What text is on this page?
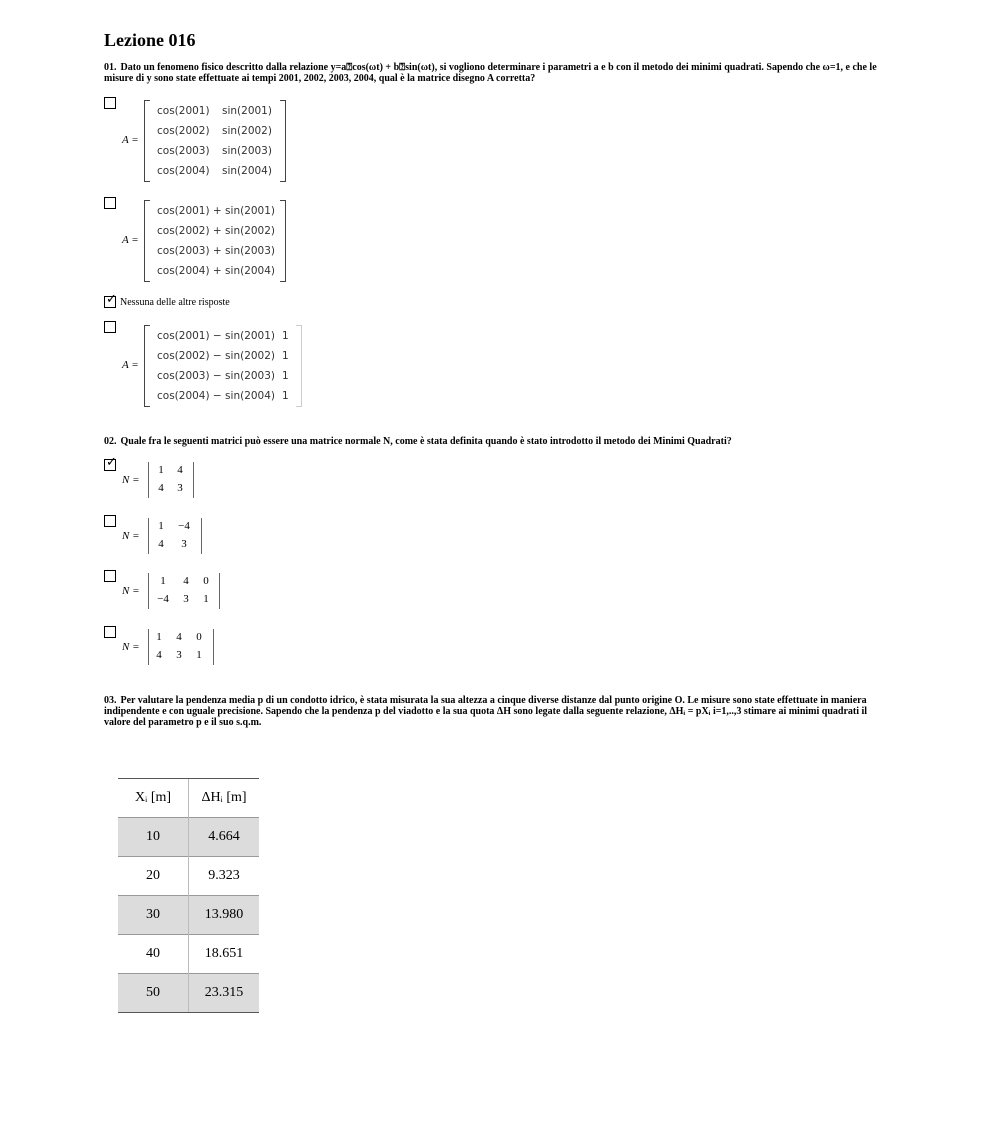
Lezione 016
01. Dato un fenomeno fisico descritto dalla relazione y=a⍰cos(ωt) + b⍰sin(ωt), si vogliono determinare i parametri a e b con il metodo dei minimi quadrati. Sapendo che ω=1, e che le misure di y sono state effettuate ai tempi 2001, 2002, 2003, 2004, qual è la matrice disegno A corretta?
A =
cos(2001) sin(2001)
cos(2002) sin(2002)
cos(2003) sin(2003)
cos(2004) sin(2004)
A =
cos(2001) + sin(2001)
cos(2002) + sin(2002)
cos(2003) + sin(2003)
cos(2004) + sin(2004)
✓ Nessuna delle altre risposte
A =
cos(2001) − sin(2001) 1
cos(2002) − sin(2002) 1
cos(2003) − sin(2003) 1
cos(2004) − sin(2004) 1
02. Quale fra le seguenti matrici può essere una matrice normale N, come è stata definita quando è stato introdotto il metodo dei Minimi Quadrati?
✓
N =
1 4
4 3
N =
1 −4
4 3
N =
1	4 0
−4 3 1
N =
1 4 0
4 3 1
03. Per valutare la pendenza media p di un condotto idrico, è stata misurata la sua altezza a cinque diverse distanze dal punto origine O. Le misure sono state effettuate in maniera indipendente e con uguale precisione. Sapendo che la pendenza p del viadotto e la sua quota ΔH sono legate dalla seguente relazione, ΔHᵢ = pXᵢ i=1,..,3 stimare ai minimi quadrati il valore del parametro p e il suo s.q.m.
Xᵢ [m]	ΔHᵢ [m]
10	4.664
20	9.323
30	13.980
40	18.651
50	23.315
